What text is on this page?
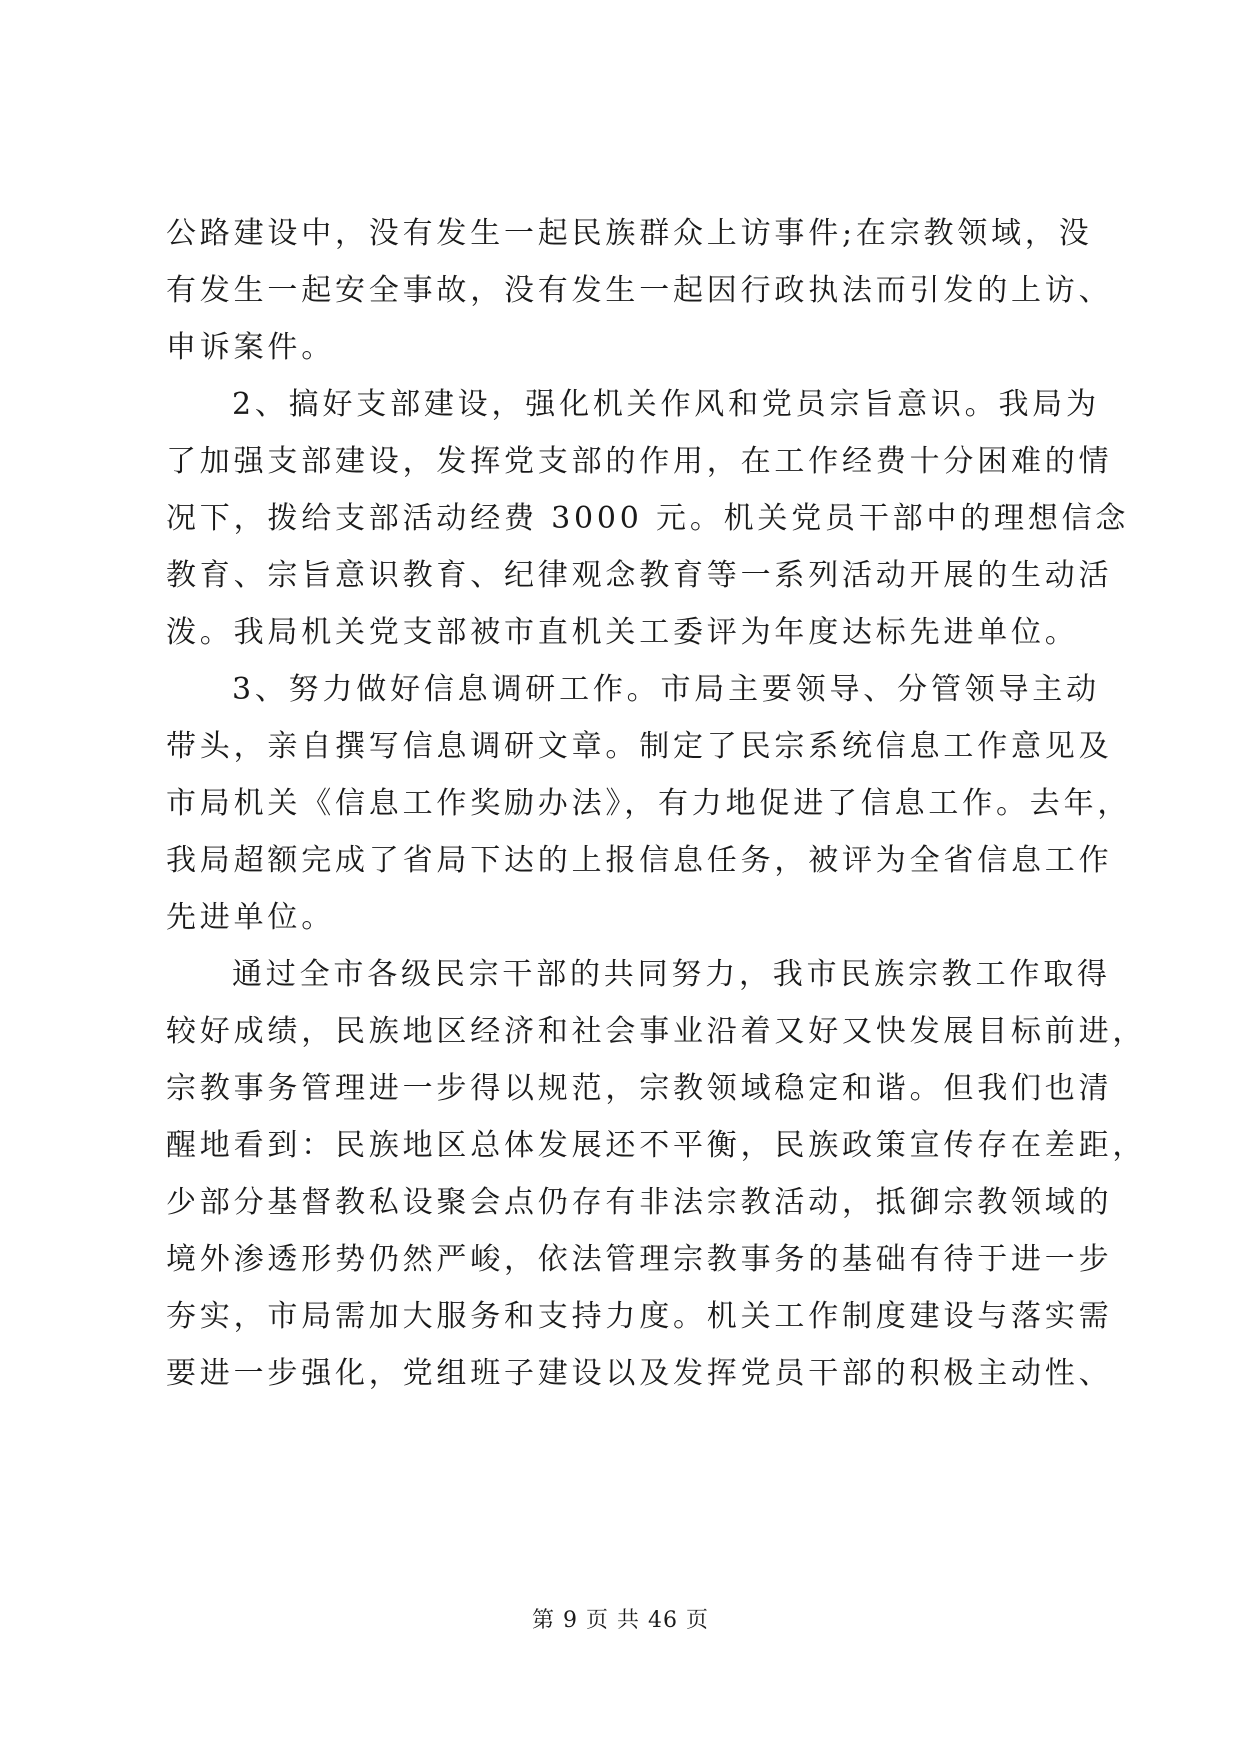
公路建设中，没有发生一起民族群众上访事件;在宗教领域，没
有发生一起安全事故，没有发生一起因行政执法而引发的上访、
申诉案件。
2、搞好支部建设，强化机关作风和党员宗旨意识。我局为
了加强支部建设，发挥党支部的作用，在工作经费十分困难的情
况下，拨给支部活动经费 3000 元。机关党员干部中的理想信念
教育、宗旨意识教育、纪律观念教育等一系列活动开展的生动活
泼。我局机关党支部被市直机关工委评为年度达标先进单位。
3、努力做好信息调研工作。市局主要领导、分管领导主动
带头，亲自撰写信息调研文章。制定了民宗系统信息工作意见及
市局机关《信息工作奖励办法》，有力地促进了信息工作。去年，
我局超额完成了省局下达的上报信息任务，被评为全省信息工作
先进单位。
通过全市各级民宗干部的共同努力，我市民族宗教工作取得
较好成绩，民族地区经济和社会事业沿着又好又快发展目标前进，
宗教事务管理进一步得以规范，宗教领域稳定和谐。但我们也清
醒地看到：民族地区总体发展还不平衡，民族政策宣传存在差距，
少部分基督教私设聚会点仍存有非法宗教活动，抵御宗教领域的
境外渗透形势仍然严峻，依法管理宗教事务的基础有待于进一步
夯实，市局需加大服务和支持力度。机关工作制度建设与落实需
要进一步强化，党组班子建设以及发挥党员干部的积极主动性、
第 9 页 共 46 页
